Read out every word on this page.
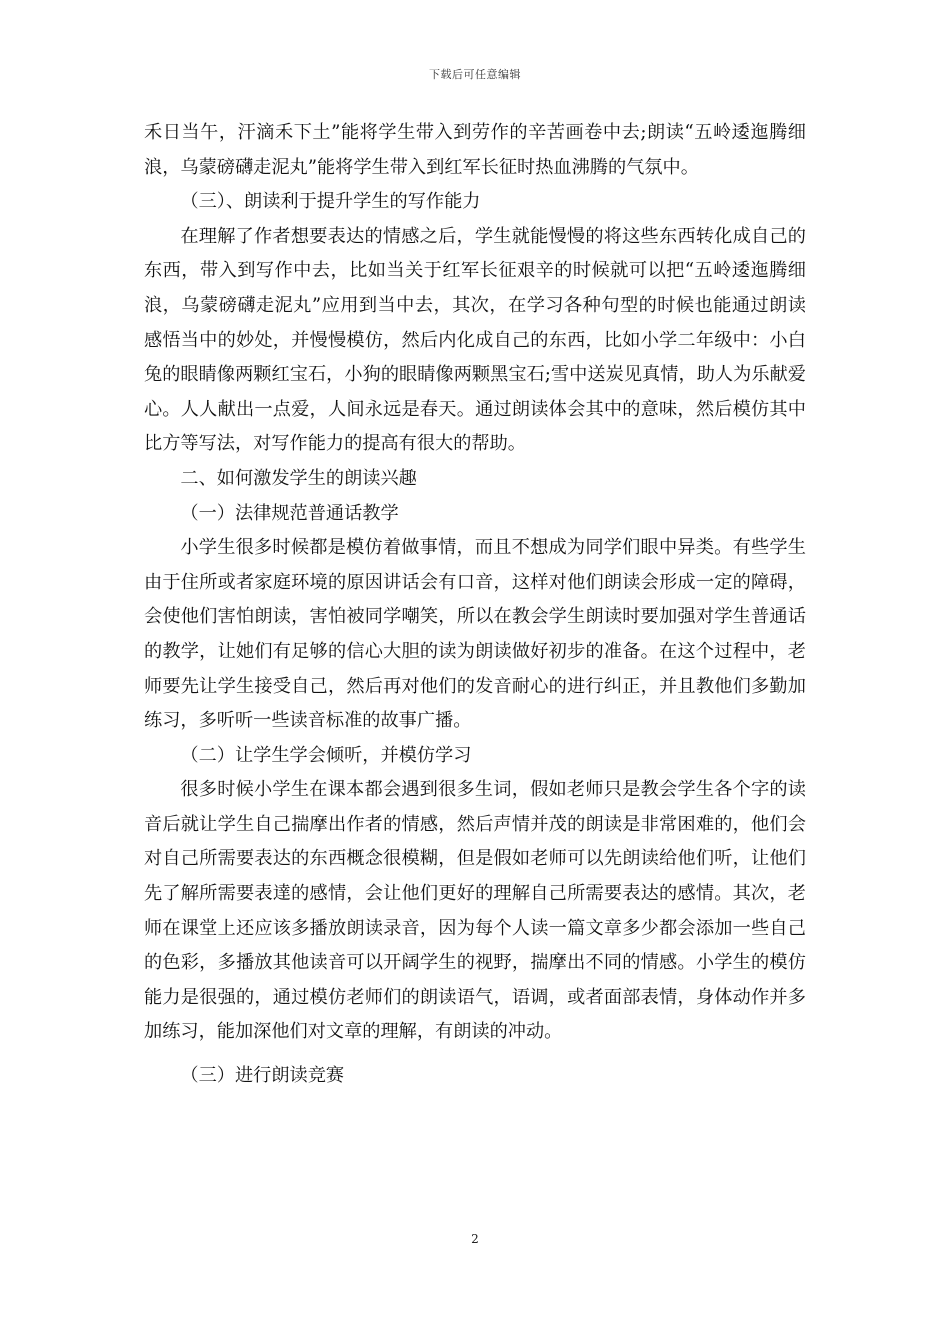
下载后可任意编辑

禾日当午，汗滴禾下土”能将学生带入到劳作的辛苦画卷中去;朗读“五岭逶迤腾细浪，乌蒙磅礴走泥丸”能将学生带入到红军长征时热血沸腾的气氛中。

（三）、朗读利于提升学生的写作能力

在理解了作者想要表达的情感之后，学生就能慢慢的将这些东西转化成自己的东西，带入到写作中去，比如当关于红军长征艰辛的时候就可以把“五岭逶迤腾细浪，乌蒙磅礴走泥丸”应用到当中去，其次，在学习各种句型的时候也能通过朗读感悟当中的妙处，并慢慢模仿，然后内化成自己的东西，比如小学二年级中：小白兔的眼睛像两颗红宝石，小狗的眼睛像两颗黑宝石;雪中送炭见真情，助人为乐献爱心。人人献出一点爱，人间永远是春天。通过朗读体会其中的意味，然后模仿其中比方等写法，对写作能力的提高有很大的帮助。

二、如何激发学生的朗读兴趣

（一）法律规范普通话教学

小学生很多时候都是模仿着做事情，而且不想成为同学们眼中异类。有些学生由于住所或者家庭环境的原因讲话会有口音，这样对他们朗读会形成一定的障碍，会使他们害怕朗读，害怕被同学嘲笑，所以在教会学生朗读时要加强对学生普通话的教学，让她们有足够的信心大胆的读为朗读做好初步的准备。在这个过程中，老师要先让学生接受自己，然后再对他们的发音耐心的进行纠正，并且教他们多勤加练习，多听听一些读音标准的故事广播。

（二）让学生学会倾听，并模仿学习

很多时候小学生在课本都会遇到很多生词，假如老师只是教会学生各个字的读音后就让学生自己揣摩出作者的情感，然后声情并茂的朗读是非常困难的，他们会对自己所需要表达的东西概念很模糊，但是假如老师可以先朗读给他们听，让他们先了解所需要表達的感情，会让他们更好的理解自己所需要表达的感情。其次，老师在课堂上还应该多播放朗读录音，因为每个人读一篇文章多少都会添加一些自己的色彩，多播放其他读音可以开阔学生的视野，揣摩出不同的情感。小学生的模仿能力是很强的，通过模仿老师们的朗读语气，语调，或者面部表情，身体动作并多加练习，能加深他们对文章的理解，有朗读的冲动。

（三）进行朗读竞赛

2
